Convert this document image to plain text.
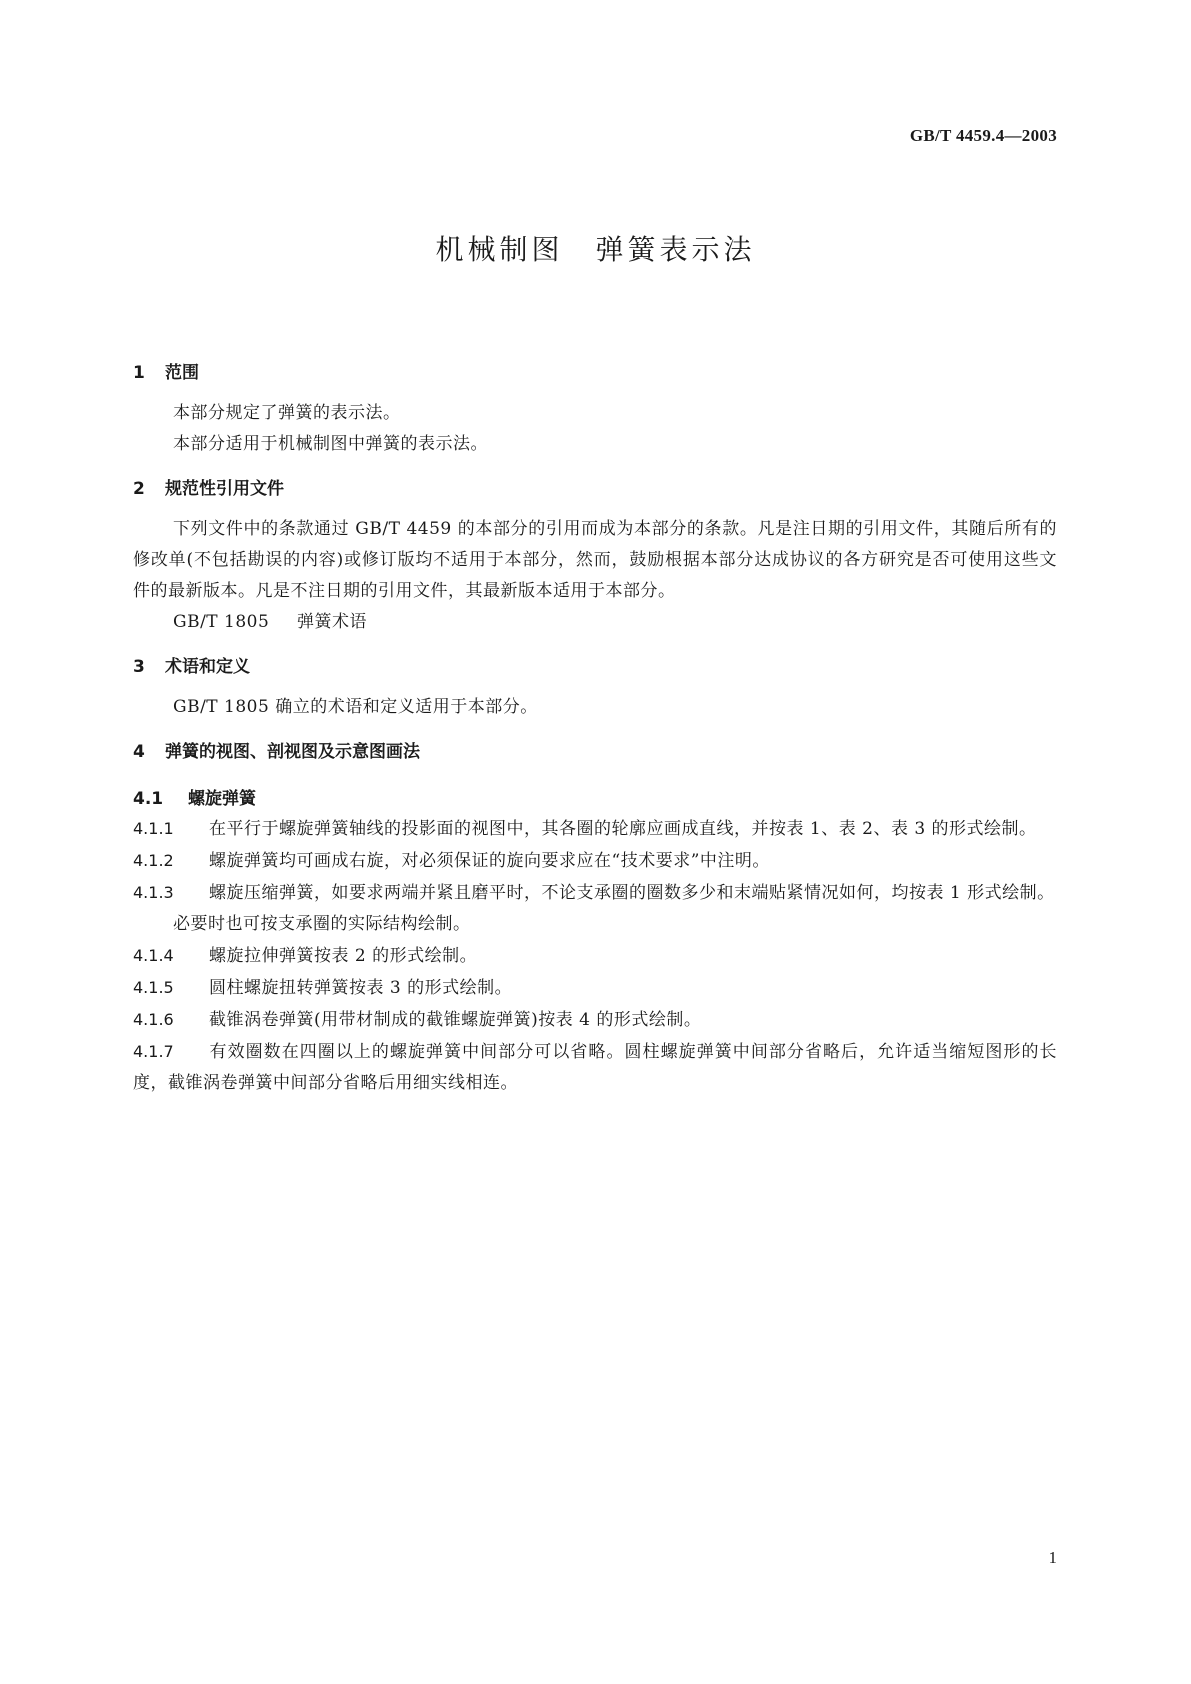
GB/T 4459.4—2003
机械制图　弹簧表示法
1 范围

本部分规定了弹簧的表示法。

本部分适用于机械制图中弹簧的表示法。

2 规范性引用文件

下列文件中的条款通过 GB/T 4459 的本部分的引用而成为本部分的条款。凡是注日期的引用文件，其随后所有的修改单(不包括勘误的内容)或修订版均不适用于本部分，然而，鼓励根据本部分达成协议的各方研究是否可使用这些文件的最新版本。凡是不注日期的引用文件，其最新版本适用于本部分。

GB/T 1805 弹簧术语
3 术语和定义

GB/T 1805 确立的术语和定义适用于本部分。

4 弹簧的视图、剖视图及示意图画法
4.1 螺旋弹簧

4.1.1 在平行于螺旋弹簧轴线的投影面的视图中，其各圈的轮廓应画成直线，并按表 1、表 2、表 3 的形式绘制。

4.1.2 螺旋弹簧均可画成右旋，对必须保证的旋向要求应在“技术要求”中注明。

4.1.3 螺旋压缩弹簧，如要求两端并紧且磨平时，不论支承圈的圈数多少和末端贴紧情况如何，均按表 1 形式绘制。

必要时也可按支承圈的实际结构绘制。

4.1.4 螺旋拉伸弹簧按表 2 的形式绘制。

4.1.5 圆柱螺旋扭转弹簧按表 3 的形式绘制。

4.1.6 截锥涡卷弹簧(用带材制成的截锥螺旋弹簧)按表 4 的形式绘制。

4.1.7 有效圈数在四圈以上的螺旋弹簧中间部分可以省略。圆柱螺旋弹簧中间部分省略后，允许适当缩短图形的长度，截锥涡卷弹簧中间部分省略后用细实线相连。

1
